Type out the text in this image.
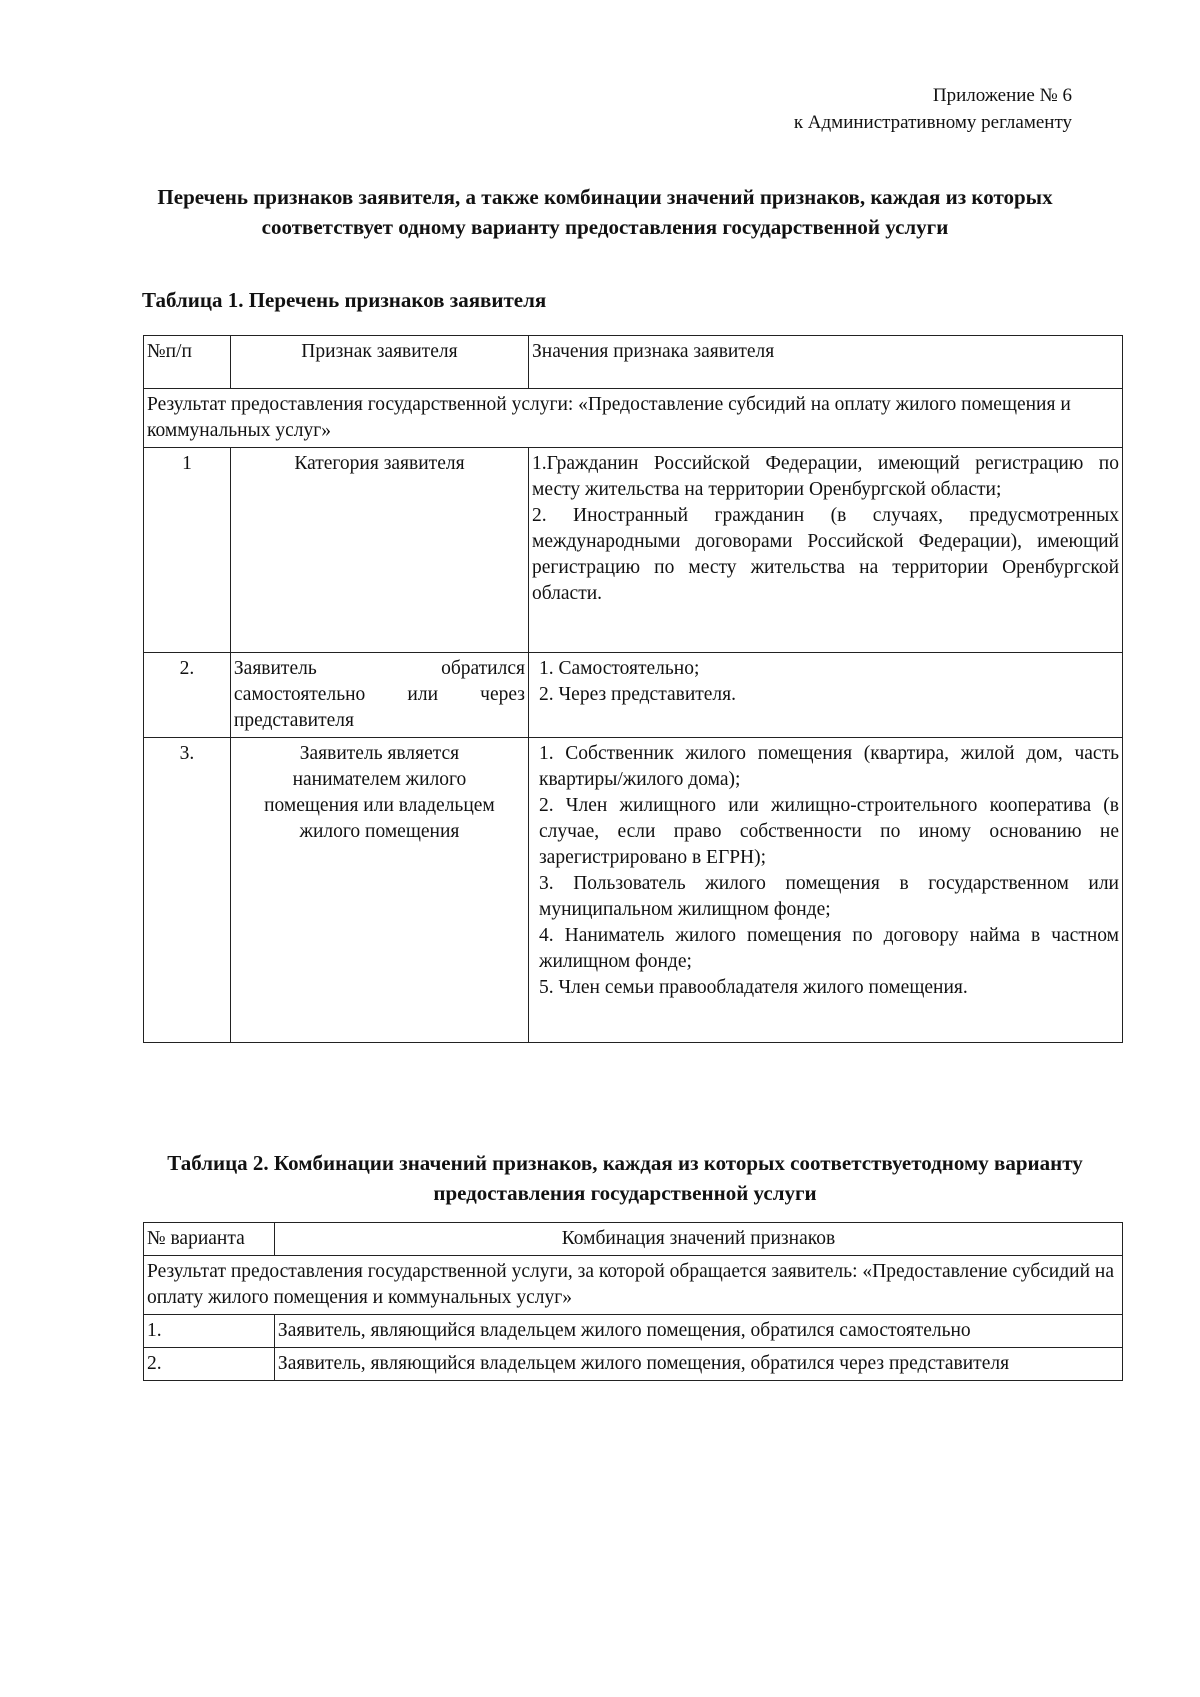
Приложение № 6
к Административному регламенту
Перечень признаков заявителя, а также комбинации значений признаков, каждая из которых соответствует одному варианту предоставления государственной услуги
Таблица 1. Перечень признаков заявителя
№п/п	Признак заявителя	Значения признака заявителя
Результат предоставления государственной услуги: «Предоставление субсидий на оплату жилого помещения и коммунальных услуг»		
1	Категория заявителя	1.Гражданин Российской Федерации, имеющий регистрацию по месту жительства на территории Оренбургской области;
2. Иностранный гражданин (в случаях, предусмотренных международными договорами Российской Федерации), имеющий регистрацию по месту жительства на территории Оренбургской области.

2.	Заявитель обратился самостоятельно или через представителя	1. Самостоятельно;
2. Через представителя.

3.	Заявитель является нанимателем жилого помещения или владельцем жилого помещения	1. Собственник жилого помещения (квартира, жилой дом, часть квартиры/жилого дома);
2. Член жилищного или жилищно-строительного кооператива (в случае, если право собственности по иному основанию не зарегистрировано в ЕГРН);
3. Пользователь жилого помещения в государственном или муниципальном жилищном фонде;
4. Наниматель жилого помещения по договору найма в частном жилищном фонде;
5. Член семьи правообладателя жилого помещения.
Таблица 2. Комбинации значений признаков, каждая из которых соответствуетодному варианту предоставления государственной услуги
№ варианта	Комбинация значений признаков
Результат предоставления государственной услуги, за которой обращается заявитель: «Предоставление субсидий на оплату жилого помещения и коммунальных услуг»	
1.	Заявитель, являющийся владельцем жилого помещения, обратился самостоятельно
2.	Заявитель, являющийся владельцем жилого помещения, обратился через представителя
